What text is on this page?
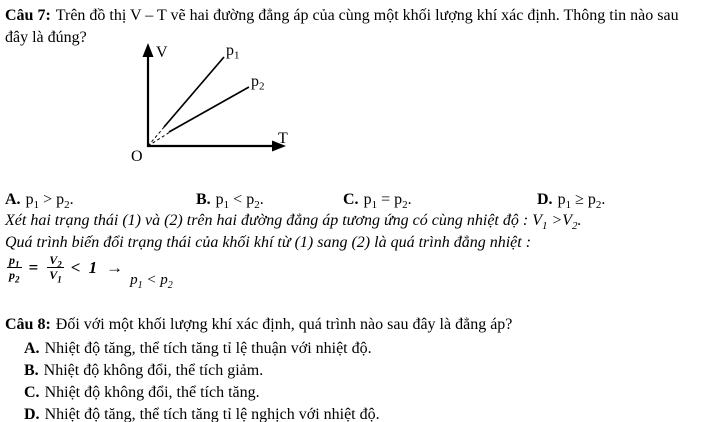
Câu 7: Trên đồ thị V – T vẽ hai đường đẳng áp của cùng một khối lượng khí xác định. Thông tin nào sau
đây là đúng?
V
T
O
$p_1$
$p_2$
A. $p_1 > p_2$.	B. $p_1 < p_2$.	C. $p_1 = p_2$.	D. $p_1 \ge p_2$.
Xét hai trạng thái (1) và (2) trên hai đường đẳng áp tương ứng có cùng nhiệt độ : $V_1 >V_2$.
Quá trình biến đổi trạng thái của khối khí từ (1) sang (2) là quá trình đẳng nhiệt :
$\frac{p_1}{p_2} = \frac{V_2}{V_1} < 1$ →
$p_1 < p_2$
Câu 8: Đối với một khối lượng khí xác định, quá trình nào sau đây là đẳng áp?
A. Nhiệt độ tăng, thể tích tăng tỉ lệ thuận với nhiệt độ.
B. Nhiệt độ không đổi, thể tích giảm.
C. Nhiệt độ không đổi, thể tích tăng.
D. Nhiệt độ tăng, thể tích tăng tỉ lệ nghịch với nhiệt độ.
